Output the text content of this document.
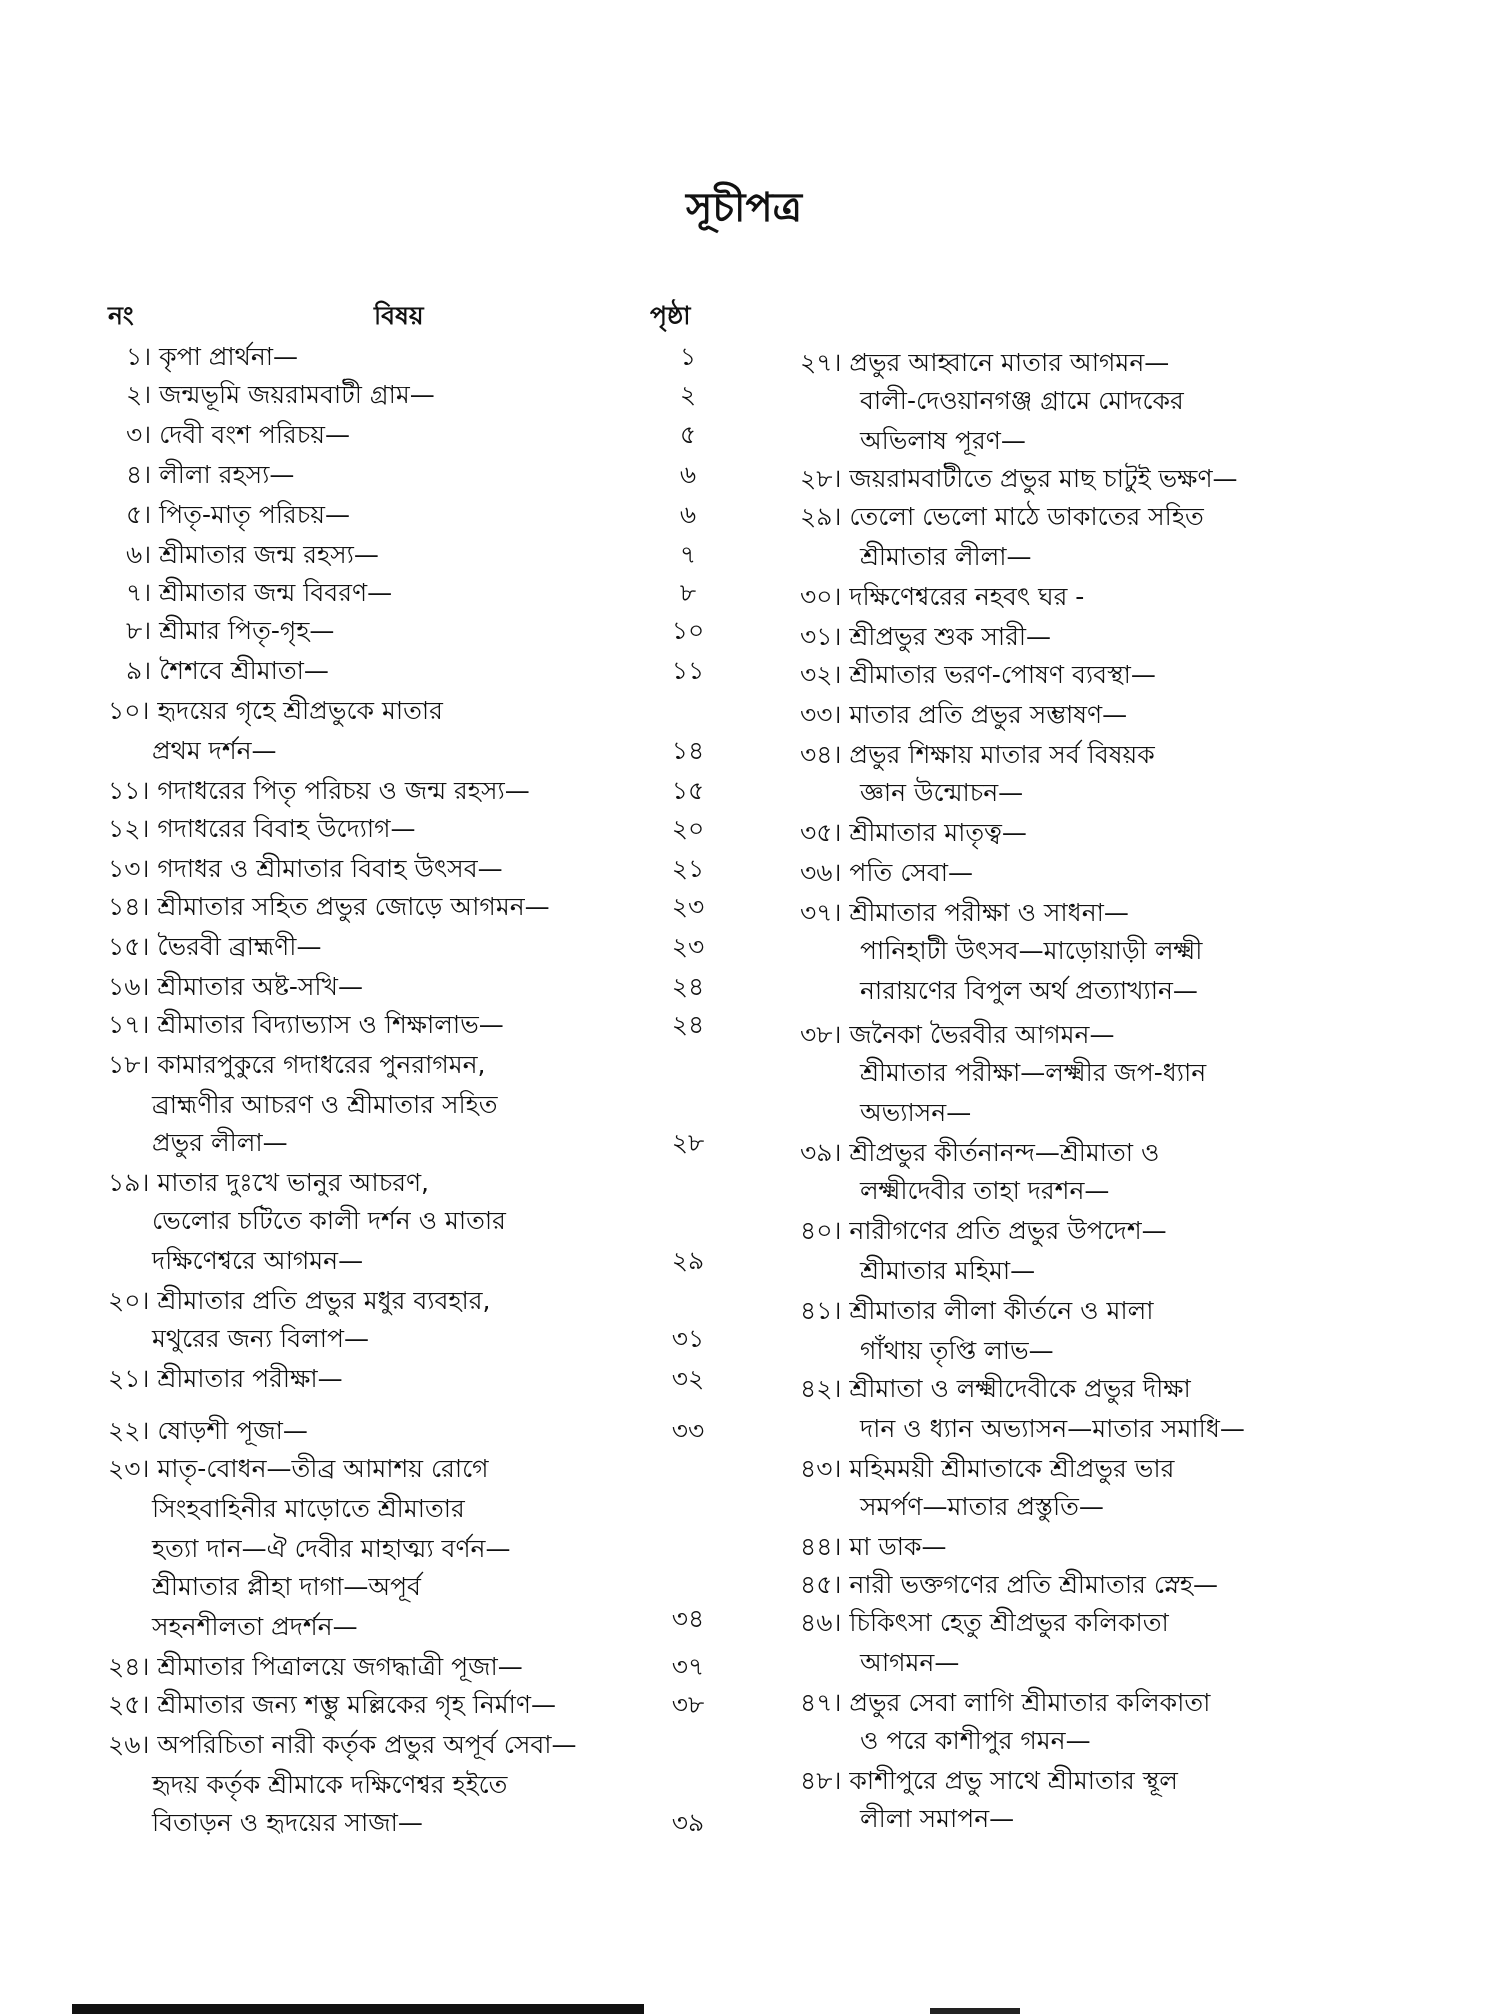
সূচীপত্র
নং	বিষয়	পৃষ্ঠা
১। কৃপা প্রার্থনা—	১
২। জন্মভূমি জয়রামবাটী গ্রাম—	২
৩। দেবী বংশ পরিচয়—	৫
৪। লীলা রহস্য—	৬
৫। পিতৃ-মাতৃ পরিচয়—	৬
৬। শ্রীমাতার জন্ম রহস্য—	৭
৭। শ্রীমাতার জন্ম বিবরণ—	৮
৮। শ্রীমার পিতৃ-গৃহ—	১০
৯। শৈশবে শ্রীমাতা—	১১
১০। হৃদয়ের গৃহে শ্রীপ্রভুকে মাতার
প্রথম দর্শন—	১৪
১১। গদাধরের পিতৃ পরিচয় ও জন্ম রহস্য—	১৫
১২। গদাধরের বিবাহ উদ্যোগ—	২০
১৩। গদাধর ও শ্রীমাতার বিবাহ উৎসব—	২১
১৪। শ্রীমাতার সহিত প্রভুর জোড়ে আগমন—	২৩
১৫। ভৈরবী ব্রাহ্মণী—	২৩
১৬। শ্রীমাতার অষ্ট-সখি—	২৪
১৭। শ্রীমাতার বিদ্যাভ্যাস ও শিক্ষালাভ—	২৪
১৮। কামারপুকুরে গদাধরের পুনরাগমন,
ব্রাহ্মণীর আচরণ ও শ্রীমাতার সহিত
প্রভুর লীলা—	২৮
১৯। মাতার দুঃখে ভানুর আচরণ,
ভেলোর চটিতে কালী দর্শন ও মাতার
দক্ষিণেশ্বরে আগমন—	২৯
২০। শ্রীমাতার প্রতি প্রভুর মধুর ব্যবহার,
মথুরের জন্য বিলাপ—	৩১
২১। শ্রীমাতার পরীক্ষা—	৩২
২২। ষোড়শী পূজা—	৩৩
২৩। মাতৃ-বোধন—তীব্র আমাশয় রোগে
সিংহবাহিনীর মাড়োতে শ্রীমাতার
হত্যা দান—ঐ দেবীর মাহাত্ম্য বর্ণন—
শ্রীমাতার প্লীহা দাগা—অপূর্ব
সহনশীলতা প্রদর্শন—	৩৪
২৪। শ্রীমাতার পিত্রালয়ে জগদ্ধাত্রী পূজা—	৩৭
২৫। শ্রীমাতার জন্য শম্ভু মল্লিকের গৃহ নির্মাণ—	৩৮
২৬। অপরিচিতা নারী কর্তৃক প্রভুর অপূর্ব সেবা—
হৃদয় কর্তৃক শ্রীমাকে দক্ষিণেশ্বর হইতে
বিতাড়ন ও হৃদয়ের সাজা—	৩৯
২৭। প্রভুর আহ্বানে মাতার আগমন—
বালী-দেওয়ানগঞ্জ গ্রামে মোদকের
অভিলাষ পূরণ—
২৮। জয়রামবাটীতে প্রভুর মাছ চাটুই ভক্ষণ—
২৯। তেলো ভেলো মাঠে ডাকাতের সহিত
শ্রীমাতার লীলা—
৩০। দক্ষিণেশ্বরের নহবৎ ঘর -
৩১। শ্রীপ্রভুর শুক সারী—
৩২। শ্রীমাতার ভরণ-পোষণ ব্যবস্থা—
৩৩। মাতার প্রতি প্রভুর সম্ভাষণ—
৩৪। প্রভুর শিক্ষায় মাতার সর্ব বিষয়ক
জ্ঞান উন্মোচন—
৩৫। শ্রীমাতার মাতৃত্ব—
৩৬। পতি সেবা—
৩৭। শ্রীমাতার পরীক্ষা ও সাধনা—
পানিহাটী উৎসব—মাড়োয়াড়ী লক্ষ্মী
নারায়ণের বিপুল অর্থ প্রত্যাখ্যান—
৩৮। জনৈকা ভৈরবীর আগমন—
শ্রীমাতার পরীক্ষা—লক্ষ্মীর জপ-ধ্যান
অভ্যাসন—
৩৯। শ্রীপ্রভুর কীর্তনানন্দ—শ্রীমাতা ও
লক্ষ্মীদেবীর তাহা দরশন—
৪০। নারীগণের প্রতি প্রভুর উপদেশ—
শ্রীমাতার মহিমা—
৪১। শ্রীমাতার লীলা কীর্তনে ও মালা
গাঁথায় তৃপ্তি লাভ—
৪২। শ্রীমাতা ও লক্ষ্মীদেবীকে প্রভুর দীক্ষা
দান ও ধ্যান অভ্যাসন—মাতার সমাধি—
৪৩। মহিমময়ী শ্রীমাতাকে শ্রীপ্রভুর ভার
সমর্পণ—মাতার প্রস্তুতি—
৪৪। মা ডাক—
৪৫। নারী ভক্তগণের প্রতি শ্রীমাতার স্নেহ—
৪৬। চিকিৎসা হেতু শ্রীপ্রভুর কলিকাতা
আগমন—
৪৭। প্রভুর সেবা লাগি শ্রীমাতার কলিকাতা
ও পরে কাশীপুর গমন—
৪৮। কাশীপুরে প্রভু সাথে শ্রীমাতার স্থূল
লীলা সমাপন—
